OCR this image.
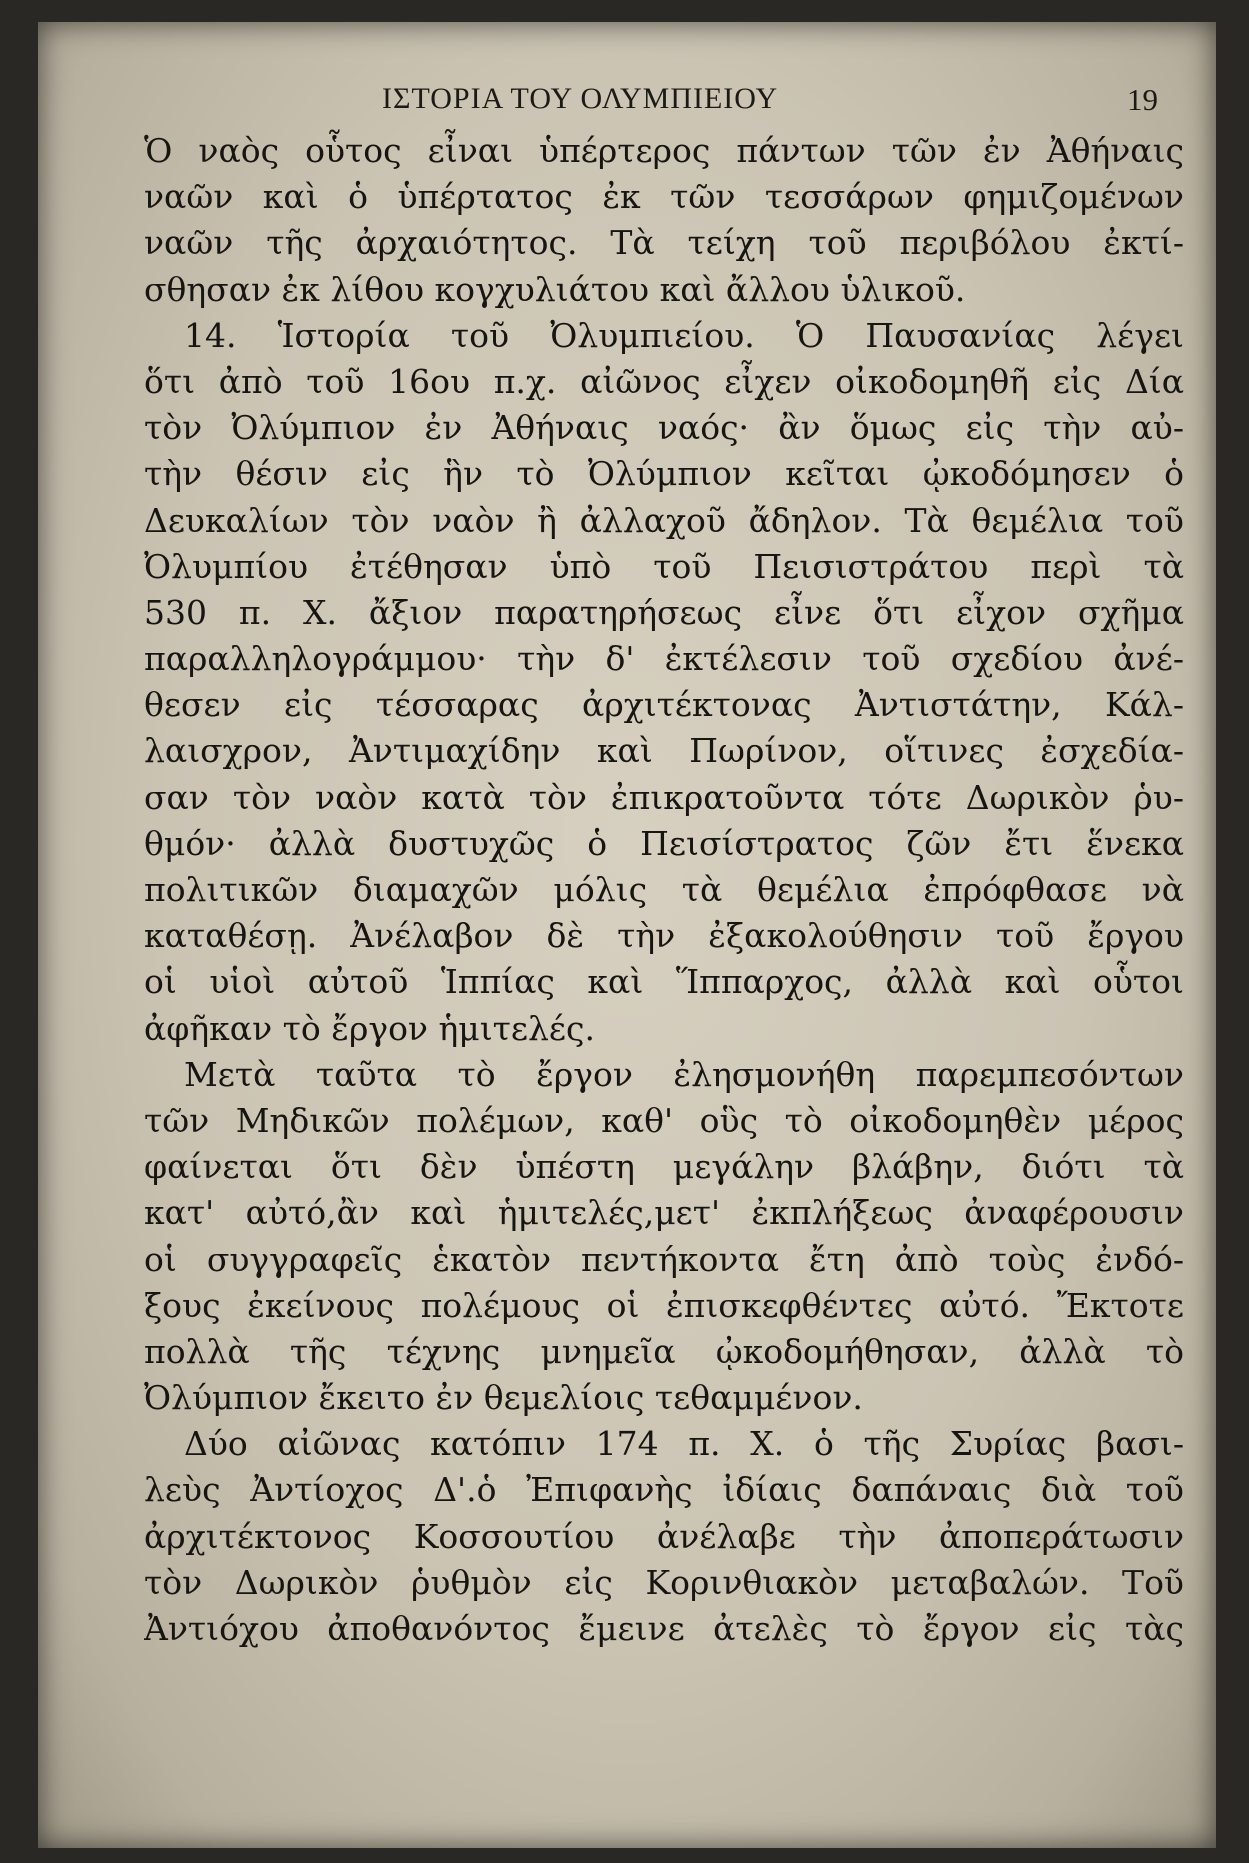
ΙΣΤΟΡΙΑ ΤΟΥ ΟΛΥΜΠΙΕΙΟΥ	19
Ὁ ναὸς οὗτος εἶναι ὑπέρτερος πάντων τῶν ἐν Ἀθήναις
ναῶν καὶ ὁ ὑπέρτατος ἐκ τῶν τεσσάρων φημιζομένων
ναῶν τῆς ἀρχαιότητος. Τὰ τείχη τοῦ περιβόλου ἐκτί-
σθησαν ἐκ λίθου κογχυλιάτου καὶ ἄλλου ὑλικοῦ.
14. Ἱστορία τοῦ Ὀλυμπιείου. Ὁ Παυσανίας λέγει
ὅτι ἀπὸ τοῦ 16ου π.χ. αἰῶνος εἶχεν οἰκοδομηθῆ εἰς Δία
τὸν Ὀλύμπιον ἐν Ἀθήναις ναός· ἂν ὅμως εἰς τὴν αὐ-
τὴν θέσιν εἰς ἣν τὸ Ὀλύμπιον κεῖται ᾠκοδόμησεν ὁ
Δευκαλίων τὸν ναὸν ἢ ἀλλαχοῦ ἄδηλον. Τὰ θεμέλια τοῦ
Ὀλυμπίου ἐτέθησαν ὑπὸ τοῦ Πεισιστράτου περὶ τὰ
530 π. Χ. ἄξιον παρατηρήσεως εἶνε ὅτι εἶχον σχῆμα
παραλληλογράμμου· τὴν δ' ἐκτέλεσιν τοῦ σχεδίου ἀνέ-
θεσεν εἰς τέσσαρας ἀρχιτέκτονας Ἀντιστάτην, Κάλ-
λαισχρον, Ἀντιμαχίδην καὶ Πωρίνον, οἵτινες ἐσχεδία-
σαν τὸν ναὸν κατὰ τὸν ἐπικρατοῦντα τότε Δωρικὸν ῥυ-
θμόν· ἀλλὰ δυστυχῶς ὁ Πεισίστρατος ζῶν ἔτι ἕνεκα
πολιτικῶν διαμαχῶν μόλις τὰ θεμέλια ἐπρόφθασε νὰ
καταθέσῃ. Ἀνέλαβον δὲ τὴν ἐξακολούθησιν τοῦ ἔργου
οἱ υἱοὶ αὐτοῦ Ἱππίας καὶ Ἵππαρχος, ἀλλὰ καὶ οὗτοι
ἀφῆκαν τὸ ἔργον ἡμιτελές.
Μετὰ ταῦτα τὸ ἔργον ἐλησμονήθη παρεμπεσόντων
τῶν Μηδικῶν πολέμων, καθ' οὓς τὸ οἰκοδομηθὲν μέρος
φαίνεται ὅτι δὲν ὑπέστη μεγάλην βλάβην, διότι τὰ
κατ' αὐτό,ἂν καὶ ἡμιτελές,μετ' ἐκπλήξεως ἀναφέρουσιν
οἱ συγγραφεῖς ἑκατὸν πεντήκοντα ἔτη ἀπὸ τοὺς ἐνδό-
ξους ἐκείνους πολέμους οἱ ἐπισκεφθέντες αὐτό. Ἔκτοτε
πολλὰ τῆς τέχνης μνημεῖα ᾠκοδομήθησαν, ἀλλὰ τὸ
Ὀλύμπιον ἔκειτο ἐν θεμελίοις τεθαμμένον.
Δύο αἰῶνας κατόπιν 174 π. Χ. ὁ τῆς Συρίας βασι-
λεὺς Ἀντίοχος Δ'.ὁ Ἐπιφανὴς ἰδίαις δαπάναις διὰ τοῦ
ἀρχιτέκτονος Κοσσουτίου ἀνέλαβε τὴν ἀποπεράτωσιν
τὸν Δωρικὸν ῥυθμὸν εἰς Κορινθιακὸν μεταβαλών. Τοῦ
Ἀντιόχου ἀποθανόντος ἔμεινε ἀτελὲς τὸ ἔργον εἰς τὰς
